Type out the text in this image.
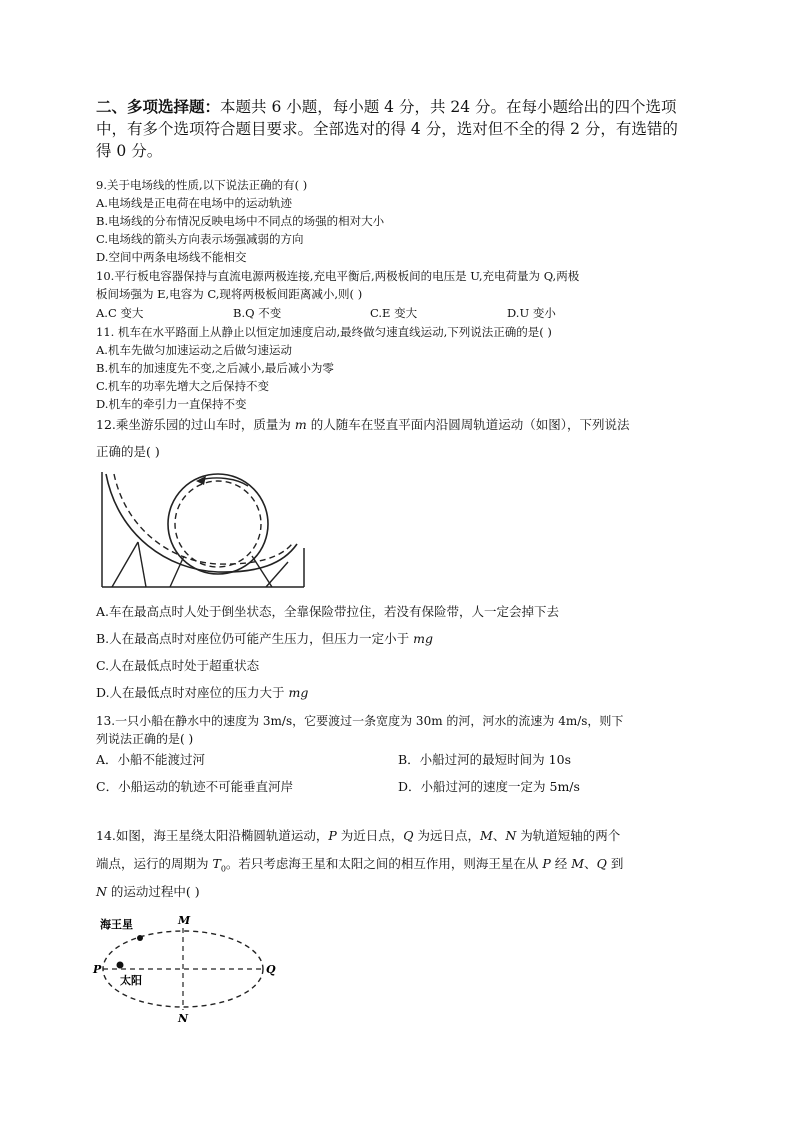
二、多项选择题：本题共 6 小题，每小题 4 分，共 24 分。在每小题给出的四个选项
中，有多个选项符合题目要求。全部选对的得 4 分，选对但不全的得 2 分，有选错的
得 0 分。
9.关于电场线的性质,以下说法正确的有( )
A.电场线是正电荷在电场中的运动轨迹
B.电场线的分布情况反映电场中不同点的场强的相对大小
C.电场线的箭头方向表示场强减弱的方向
D.空间中两条电场线不能相交
10.平行板电容器保持与直流电源两极连接,充电平衡后,两极板间的电压是 U,充电荷量为 Q,两极
板间场强为 E,电容为 C,现将两极板间距离减小,则( )
A.C 变大	B.Q 不变	C.E 变大	D.U 变小
11. 机车在水平路面上从静止以恒定加速度启动,最终做匀速直线运动,下列说法正确的是( )
A.机车先做匀加速运动之后做匀速运动
B.机车的加速度先不变,之后减小,最后减小为零
C.机车的功率先增大之后保持不变
D.机车的牵引力一直保持不变
12.乘坐游乐园的过山车时，质量为 m 的人随车在竖直平面内沿圆周轨道运动（如图），下列说法
正确的是( )
A.车在最高点时人处于倒坐状态，全靠保险带拉住，若没有保险带，人一定会掉下去
B.人在最高点时对座位仍可能产生压力，但压力一定小于 mg
C.人在最低点时处于超重状态
D.人在最低点时对座位的压力大于 mg
13.一只小船在静水中的速度为 3m/s，它要渡过一条宽度为 30m 的河，河水的流速为 4m/s，则下
列说法正确的是( )
A．小船不能渡过河	B．小船过河的最短时间为 10s
C．小船运动的轨迹不可能垂直河岸	D．小船过河的速度一定为 5m/s
14.如图，海王星绕太阳沿椭圆轨道运动，P 为近日点，Q 为远日点，M、N 为轨道短轴的两个
端点，运行的周期为 $T_0$。若只考虑海王星和太阳之间的相互作用，则海王星在从 P 经 M、Q 到
N 的运动过程中( )
海王星
太阳
P	Q
M
N
